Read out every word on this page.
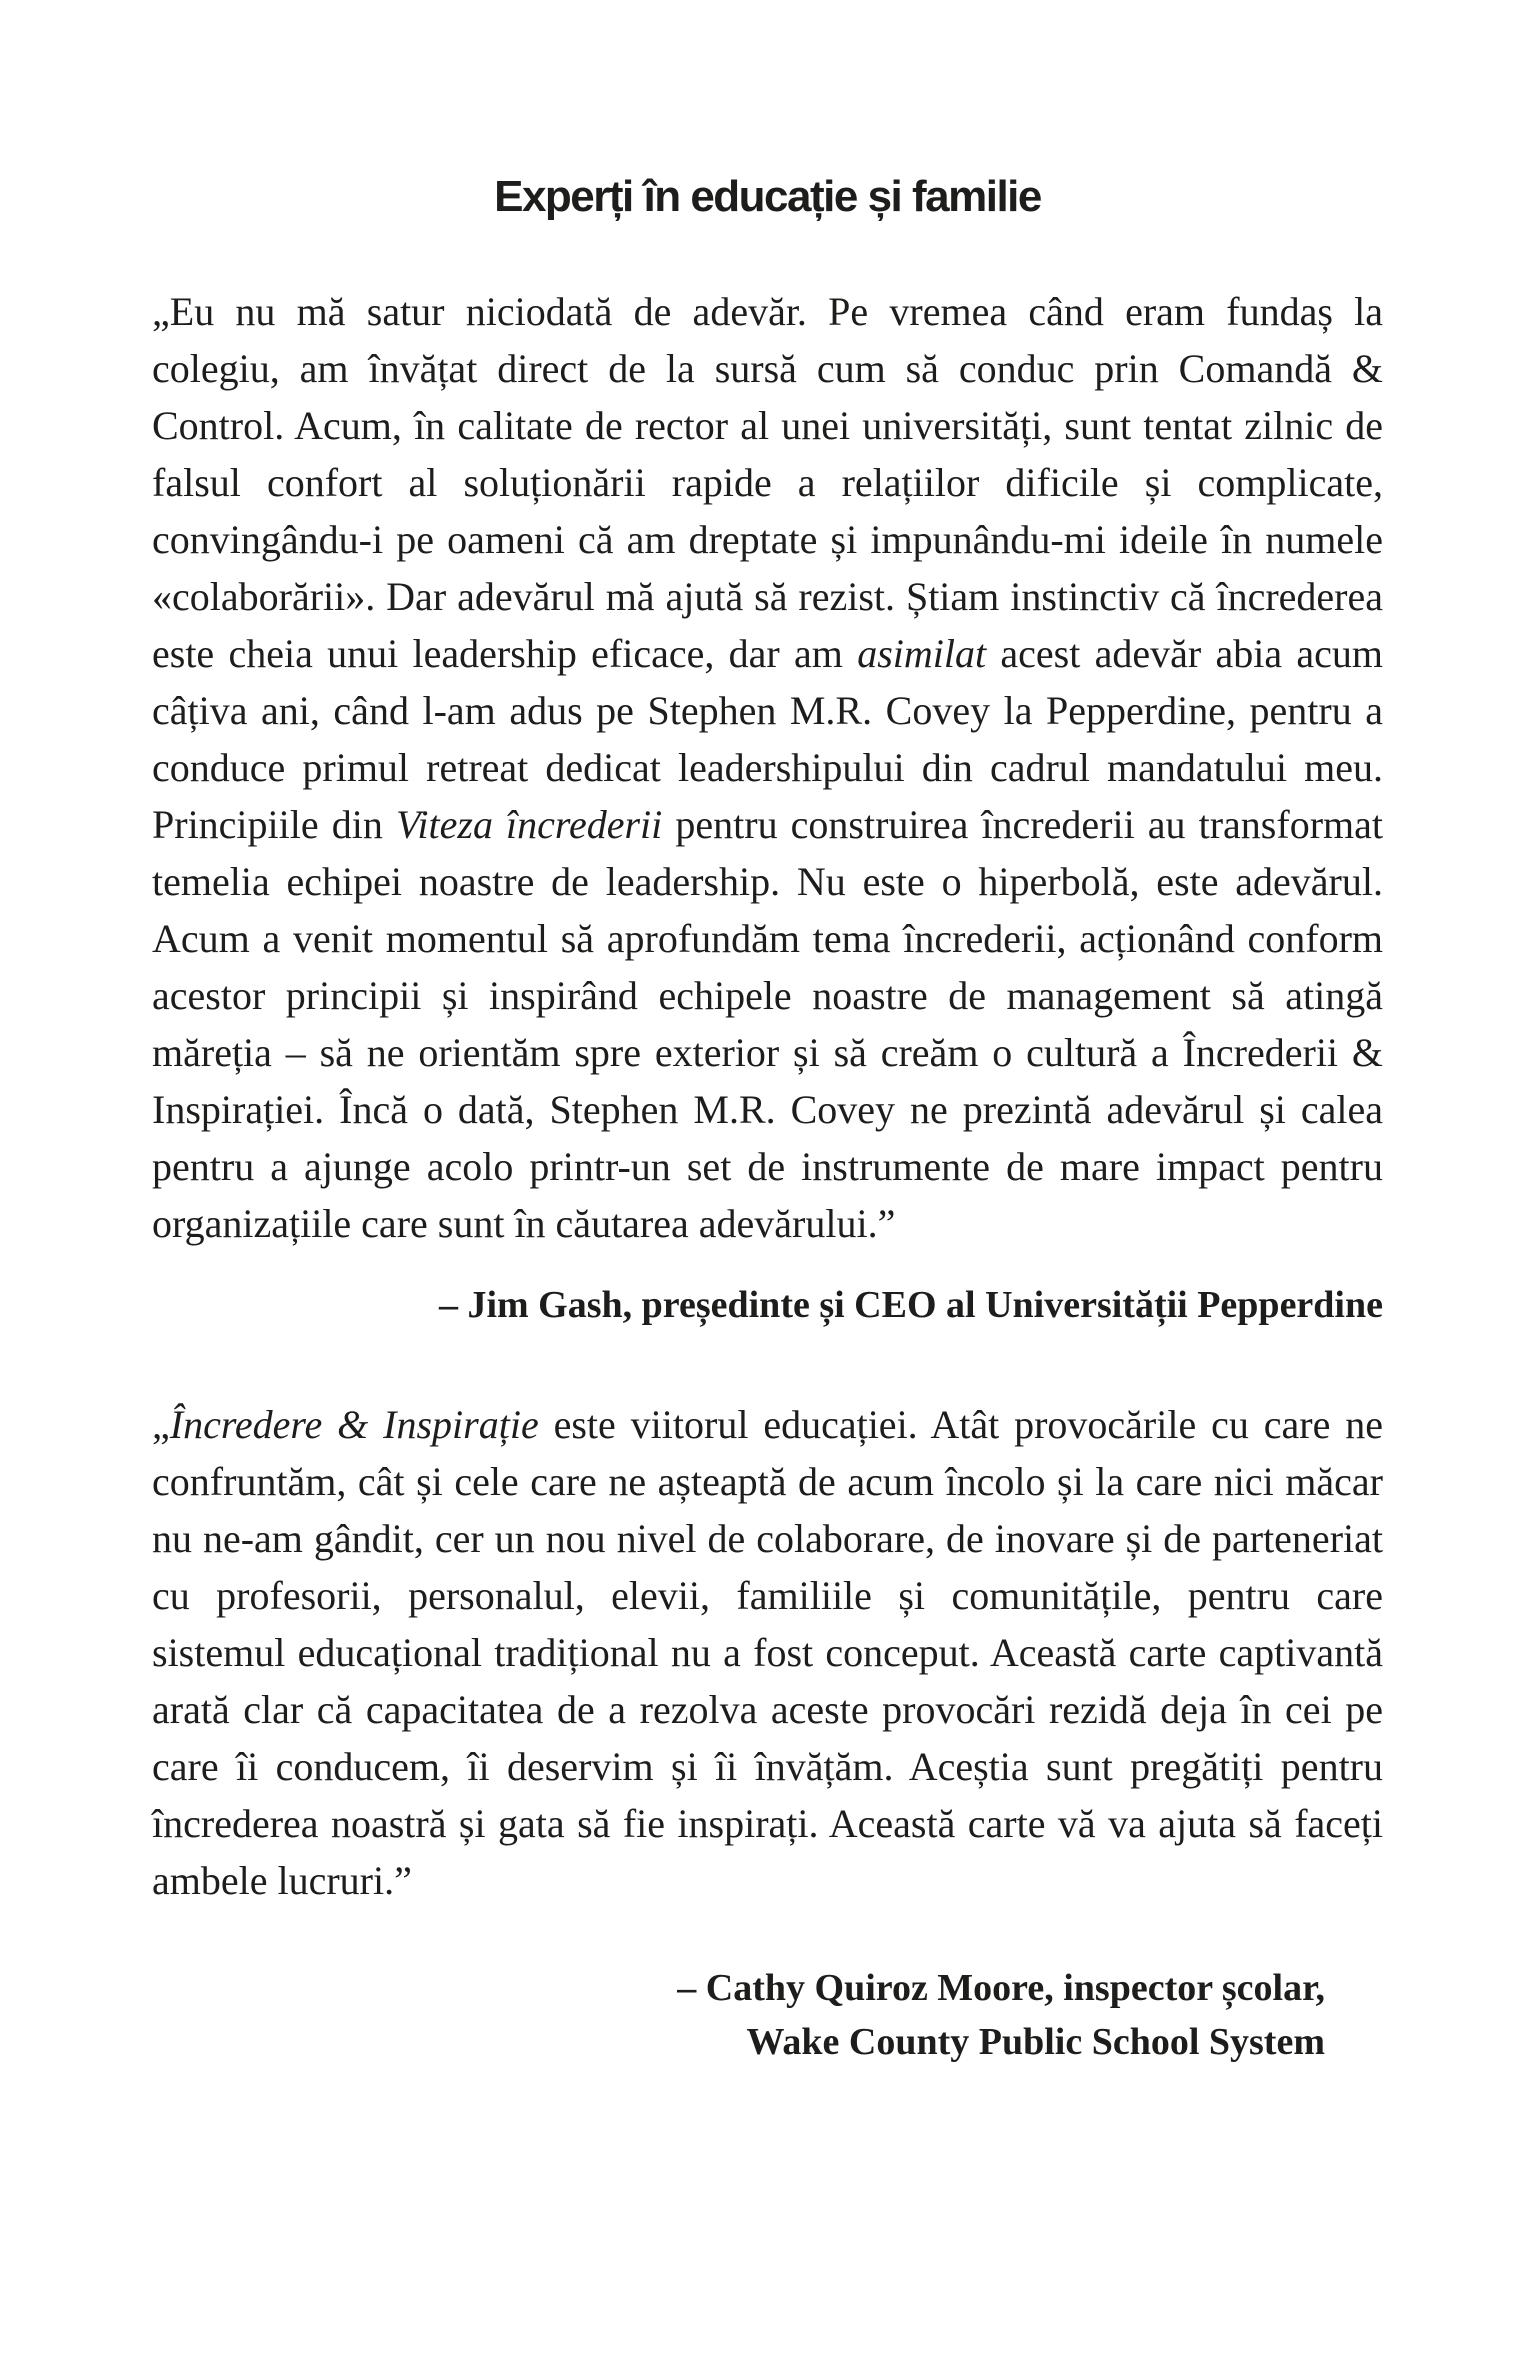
Experți în educație și familie

„Eu nu mă satur niciodată de adevăr. Pe vremea când eram fundaș la colegiu, am învățat direct de la sursă cum să conduc prin Comandă & Control. Acum, în calitate de rector al unei universități, sunt tentat zilnic de falsul confort al soluționării rapide a relațiilor dificile și complicate, convingându-i pe oameni că am dreptate și impunându-mi ideile în numele «colaborării». Dar adevărul mă ajută să rezist. Știam instinctiv că încrederea este cheia unui leadership eficace, dar am asimilat acest adevăr abia acum câțiva ani, când l-am adus pe Stephen M.R. Covey la Pepperdine, pentru a conduce primul retreat dedicat leadershipului din cadrul mandatului meu. Principiile din Viteza încrederii pentru construirea încrederii au transformat temelia echipei noastre de leadership. Nu este o hiperbolă, este adevărul. Acum a venit momentul să aprofundăm tema încrederii, acționând conform acestor principii și inspirând echipele noastre de management să atingă măreția – să ne orientăm spre exterior și să creăm o cultură a Încrederii & Inspirației. Încă o dată, Stephen M.R. Covey ne prezintă adevărul și calea pentru a ajunge acolo printr-un set de instrumente de mare impact pentru organizațiile care sunt în căutarea adevărului.”

– Jim Gash, președinte și CEO al Universității Pepperdine

„Încredere & Inspirație este viitorul educației. Atât provocările cu care ne confruntăm, cât și cele care ne așteaptă de acum încolo și la care nici măcar nu ne-am gândit, cer un nou nivel de colaborare, de inovare și de parteneriat cu profesorii, personalul, elevii, familiile și comunitățile, pentru care sistemul educațional tradițional nu a fost conceput. Această carte captivantă arată clar că capacitatea de a rezolva aceste provocări rezidă deja în cei pe care îi conducem, îi deservim și îi învățăm. Aceștia sunt pregătiți pentru încrederea noastră și gata să fie inspirați. Această carte vă va ajuta să faceți ambele lucruri.”

– Cathy Quiroz Moore, inspector școlar,
Wake County Public School System
